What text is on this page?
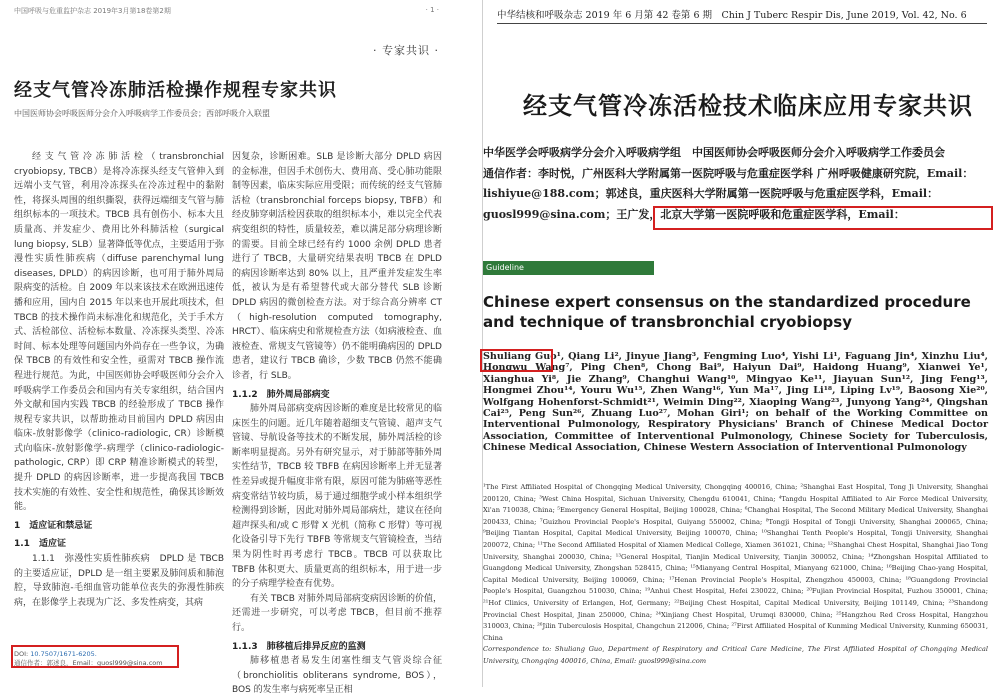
中国呼吸与危重监护杂志 2019年3月第18卷第2期	· 1 ·
· 专家共识 ·
经支气管冷冻肺活检操作规程专家共识
中国医师协会呼吸医师分会介入呼吸病学工作委员会；西部呼吸介入联盟

经支气管冷冻肺活检（transbronchial cryobiopsy, TBCB）是将冷冻探头经支气管伸入到远端小支气管，利用冷冻探头在冷冻过程中的黏附性，将探头周围的组织撕裂，获得远端细支气管与肺组织标本的一项技术。TBCB 具有创伤小、标本大且质量高、并发症少、费用比外科肺活检（surgical lung biopsy, SLB）显著降低等优点，主要适用于弥漫性实质性肺疾病（diffuse parenchymal lung diseases, DPLD）的病因诊断，也可用于肺外周局限病变的活检。自 2009 年以来该技术在欧洲迅速传播和应用，国内自 2015 年以来也开展此项技术，但 TBCB 的技术操作尚未标准化和规范化，关于手术方式、活检部位、活检标本数量、冷冻探头类型、冷冻时间、标本处理等问题国内外尚存在一些争议，为确保 TBCB 的有效性和安全性，亟需对 TBCB 操作流程进行规范。为此，中国医师协会呼吸医师分会介入呼吸病学工作委员会和国内有关专家组织，结合国内外文献和国内实践 TBCB 的经验形成了 TBCB 操作规程专家共识，以帮助推动目前国内 DPLD 病因由临床-放射影像学（clinico-radiologic, CR）诊断模式向临床-放射影像学-病理学（clinico-radiologic-pathologic, CRP）即 CRP 精准诊断模式的转型，提升 DPLD 的病因诊断率，进一步提高我国 TBCB 技术实施的有效性、安全性和规范性，确保其诊断效能。

1　适应证和禁忌证

1.1　适应证

1.1.1　弥漫性实质性肺疾病　DPLD 是 TBCB 的主要适应证，DPLD 是一组主要累及肺间质和肺泡腔，导致肺泡-毛细血管功能单位丧失的弥漫性肺疾病，在影像学上表现为广泛、多发性病变，其病

因复杂，诊断困难。SLB 是诊断大部分 DPLD 病因的金标准，但因手术创伤大、费用高、受心肺功能限制等因素，临床实际应用受限；而传统的经支气管肺活检（transbronchial forceps biopsy, TBFB）和经皮肺穿刺活检因获取的组织标本小，难以完全代表病变组织的特性，质量较差，难以满足部分病理诊断的需要。目前全球已经有约 1000 余例 DPLD 患者进行了 TBCB，大量研究结果表明 TBCB 在 DPLD 的病因诊断率达到 80% 以上，且严重并发症发生率低，被认为是有希望替代或大部分替代 SLB 诊断 DPLD 病因的微创检查方法。对于综合高分辨率 CT（high-resolution computed tomography, HRCT）、临床病史和常规检查方法（如病液检查、血液检查、常规支气管镜等）仍不能明确病因的 DPLD 患者，建议行 TBCB 确诊，少数 TBCB 仍然不能确诊者，行 SLB。

1.1.2　肺外周局部病变

肺外周局部病变病因诊断的难度是比较常见的临床医生的问题。近几年随着超细支气管镜、超声支气管镜、导航设备等技术的不断发展，肺外周活检的诊断率明显提高。另外有研究显示，对于肺部等肺外周实性结节，TBCB 较 TBFB 在病因诊断率上并无显著性差异或提升幅度非常有限，原因可能为肺癌等恶性病变常结节较均质，易于通过细胞学或小样本组织学检测得到诊断，因此对肺外周局部病灶，建议在径向超声探头和/或 C 形臂 X 光机（简称 C 形臂）等可视化设备引导下先行 TBFB 等常规支气管镜检查，当结果为阴性时再考虑行 TBCB。TBCB 可以获取比 TBFB 体积更大、质量更高的组织标本，用于进一步的分子病理学检查有优势。

有关 TBCB 对肺外周局部病变病因诊断的价值，还需进一步研究，可以考虑 TBCB，但目前不推荐行。

1.1.3　肺移植后排异反应的监测

肺移植患者易发生闭塞性细支气管炎综合征（bronchiolitis obliterans syndrome, BOS），BOS 的发生率与病死率呈正相

DOI: 10.7507/1671-6205.
通信作者：郭述良，Email：guosl999@sina.com
中华结核和呼吸杂志 2019 年 6 月第 42 卷第 6 期　Chin J Tuberc Respir Dis, June 2019, Vol. 42, No. 6
经支气管冷冻活检技术临床应用专家共识
中华医学会呼吸病学分会介入呼吸病学组　中国医师协会呼吸医师分会介入呼吸病学工作委员会
通信作者：李时悦，广州医科大学附属第一医院呼吸与危重症医学科 广州呼吸健康研究院，Email：lishiyue@188.com；郭述良，重庆医科大学附属第一医院呼吸与危重症医学科，Email：guosl999@sina.com；王广发，北京大学第一医院呼吸和危重症医学科，Email：
Guideline
Chinese expert consensus on the standardized procedure and technique of transbronchial cryobiopsy
Shuliang Guo¹, Qiang Li², Jinyue Jiang³, Fengming Luo⁴, Yishi Li¹, Faguang Jin⁴, Xinzhu Liu⁴, Hongwu Wang⁷, Ping Chen⁸, Chong Bai⁹, Haiyun Dai⁹, Haidong Huang⁹, Xianwei Ye¹, Xianghua Yi⁸, Jie Zhang⁹, Changhui Wang¹⁰, Mingyao Ke¹¹, Jiayuan Sun¹², Jing Feng¹³, Hongmei Zhou¹⁴, Youru Wu¹⁵, Zhen Wang¹⁶, Yun Ma¹⁷, Jing Li¹⁸, Liping Lv¹⁹, Baosong Xie²⁰, Wolfgang Hohenforst-Schmidt²¹, Weimin Ding²², Xiaoping Wang²³, Junyong Yang²⁴, Qingshan Cai²⁵, Peng Sun²⁶, Zhuang Luo²⁷, Mohan Giri¹; on behalf of the Working Committee on Interventional Pulmonology, Respiratory Physicians' Branch of Chinese Medical Doctor Association, Committee of Interventional Pulmonology, Chinese Society for Tuberculosis, Chinese Medical Association, Chinese Western Association of Interventional Pulmonology

¹The First Affiliated Hospital of Chongqing Medical University, Chongqing 400016, China; ²Shanghai East Hospital, Tong Ji University, Shanghai 200120, China; ³West China Hospital, Sichuan University, Chengdu 610041, China; ⁴Tangdu Hospital Affiliated to Air Force Medical University, Xi'an 710038, China; ⁵Emergency General Hospital, Beijing 100028, China; ⁶Changhai Hospital, The Second Military Medical University, Shanghai 200433, China; ⁷Guizhou Provincial People's Hospital, Guiyang 550002, China; ⁸Tongji Hospital of Tongji University, Shanghai 200065, China; ⁹Beijing Tiantan Hospital, Capital Medical University, Beijing 100070, China; ¹⁰Shanghai Tenth People's Hospital, Tongji University, Shanghai 200072, China; ¹¹The Second Affiliated Hospital of Xiamen Medical College, Xiamen 361021, China; ¹²Shanghai Chest Hospital, Shanghai Jiao Tong University, Shanghai 200030, China; ¹³General Hospital, Tianjin Medical University, Tianjin 300052, China; ¹⁴Zhongshan Hospital Affiliated to Guangdong Medical University, Zhongshan 528415, China; ¹⁵Mianyang Central Hospital, Mianyang 621000, China; ¹⁶Beijing Chao-yang Hospital, Capital Medical University, Beijing 100069, China; ¹⁷Henan Provincial People's Hospital, Zhengzhou 450003, China; ¹⁸Guangdong Provincial People's Hospital, Guangzhou 510030, China; ¹⁹Anhui Chest Hospital, Hefei 230022, China; ²⁰Fujian Provincial Hospital, Fuzhou 350001, China; ²¹Hof Clinics, University of Erlangen, Hof, Germany; ²²Beijing Chest Hospital, Capital Medical University, Beijing 101149, China; ²³Shandong Provincial Chest Hospital, Jinan 250000, China; ²⁴Xinjiang Chest Hospital, Urumqi 830000, China; ²⁵Hangzhou Red Cross Hospital, Hangzhou 310003, China; ²⁶Jilin Tuberculosis Hospital, Changchun 212006, China; ²⁷First Affiliated Hospital of Kunming Medical University, Kunming 650031, China

Correspondence to: Shuliang Guo, Department of Respiratory and Critical Care Medicine, The First Affiliated Hospital of Chongqing Medical University, Chongqing 400016, China, Email: guosl999@sina.com
